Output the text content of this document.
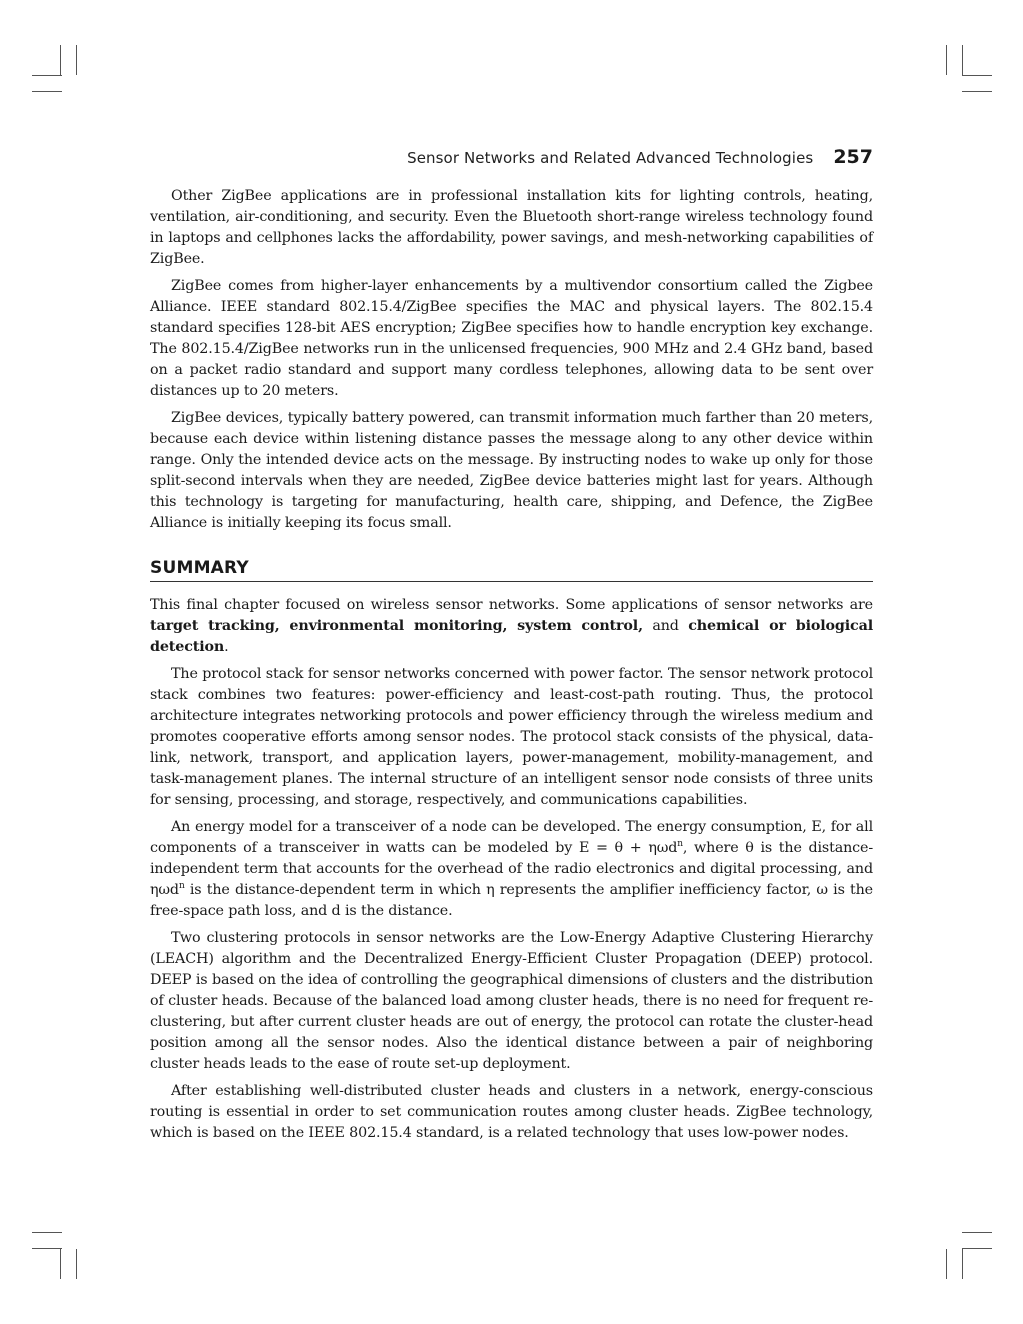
Sensor Networks and Related Advanced Technologies 257

Other ZigBee applications are in professional installation kits for lighting controls, heating, ventilation, air-conditioning, and security. Even the Bluetooth short-range wireless technology found in laptops and cellphones lacks the affordability, power savings, and mesh-networking capabilities of ZigBee.

ZigBee comes from higher-layer enhancements by a multivendor consortium called the Zigbee Alliance. IEEE standard 802.15.4/ZigBee specifies the MAC and physical layers. The 802.15.4 standard specifies 128-bit AES encryption; ZigBee specifies how to handle encryption key exchange. The 802.15.4/ZigBee networks run in the unlicensed frequencies, 900 MHz and 2.4 GHz band, based on a packet radio standard and support many cordless telephones, allowing data to be sent over distances up to 20 meters.

ZigBee devices, typically battery powered, can transmit information much farther than 20 meters, because each device within listening distance passes the message along to any other device within range. Only the intended device acts on the message. By instructing nodes to wake up only for those split-second intervals when they are needed, ZigBee device batteries might last for years. Although this technology is targeting for manufacturing, health care, shipping, and Defence, the ZigBee Alliance is initially keeping its focus small.

SUMMARY

This final chapter focused on wireless sensor networks. Some applications of sensor networks are target tracking, environmental monitoring, system control, and chemical or biological detection.

The protocol stack for sensor networks concerned with power factor. The sensor network protocol stack combines two features: power-efficiency and least-cost-path routing. Thus, the protocol architecture integrates networking protocols and power efficiency through the wireless medium and promotes cooperative efforts among sensor nodes. The protocol stack consists of the physical, data-link, network, transport, and application layers, power-management, mobility-management, and task-management planes. The internal structure of an intelligent sensor node consists of three units for sensing, processing, and storage, respectively, and communications capabilities.

An energy model for a transceiver of a node can be developed. The energy consumption, E, for all components of a transceiver in watts can be modeled by E = θ + ηωd$^n$, where θ is the distance-independent term that accounts for the overhead of the radio electronics and digital processing, and ηωd$^n$ is the distance-dependent term in which η represents the amplifier inefficiency factor, ω is the free-space path loss, and d is the distance.

Two clustering protocols in sensor networks are the Low-Energy Adaptive Clustering Hierarchy (LEACH) algorithm and the Decentralized Energy-Efficient Cluster Propagation (DEEP) protocol. DEEP is based on the idea of controlling the geographical dimensions of clusters and the distribution of cluster heads. Because of the balanced load among cluster heads, there is no need for frequent re-clustering, but after current cluster heads are out of energy, the protocol can rotate the cluster-head position among all the sensor nodes. Also the identical distance between a pair of neighboring cluster heads leads to the ease of route set-up deployment.

After establishing well-distributed cluster heads and clusters in a network, energy-conscious routing is essential in order to set communication routes among cluster heads. ZigBee technology, which is based on the IEEE 802.15.4 standard, is a related technology that uses low-power nodes.
